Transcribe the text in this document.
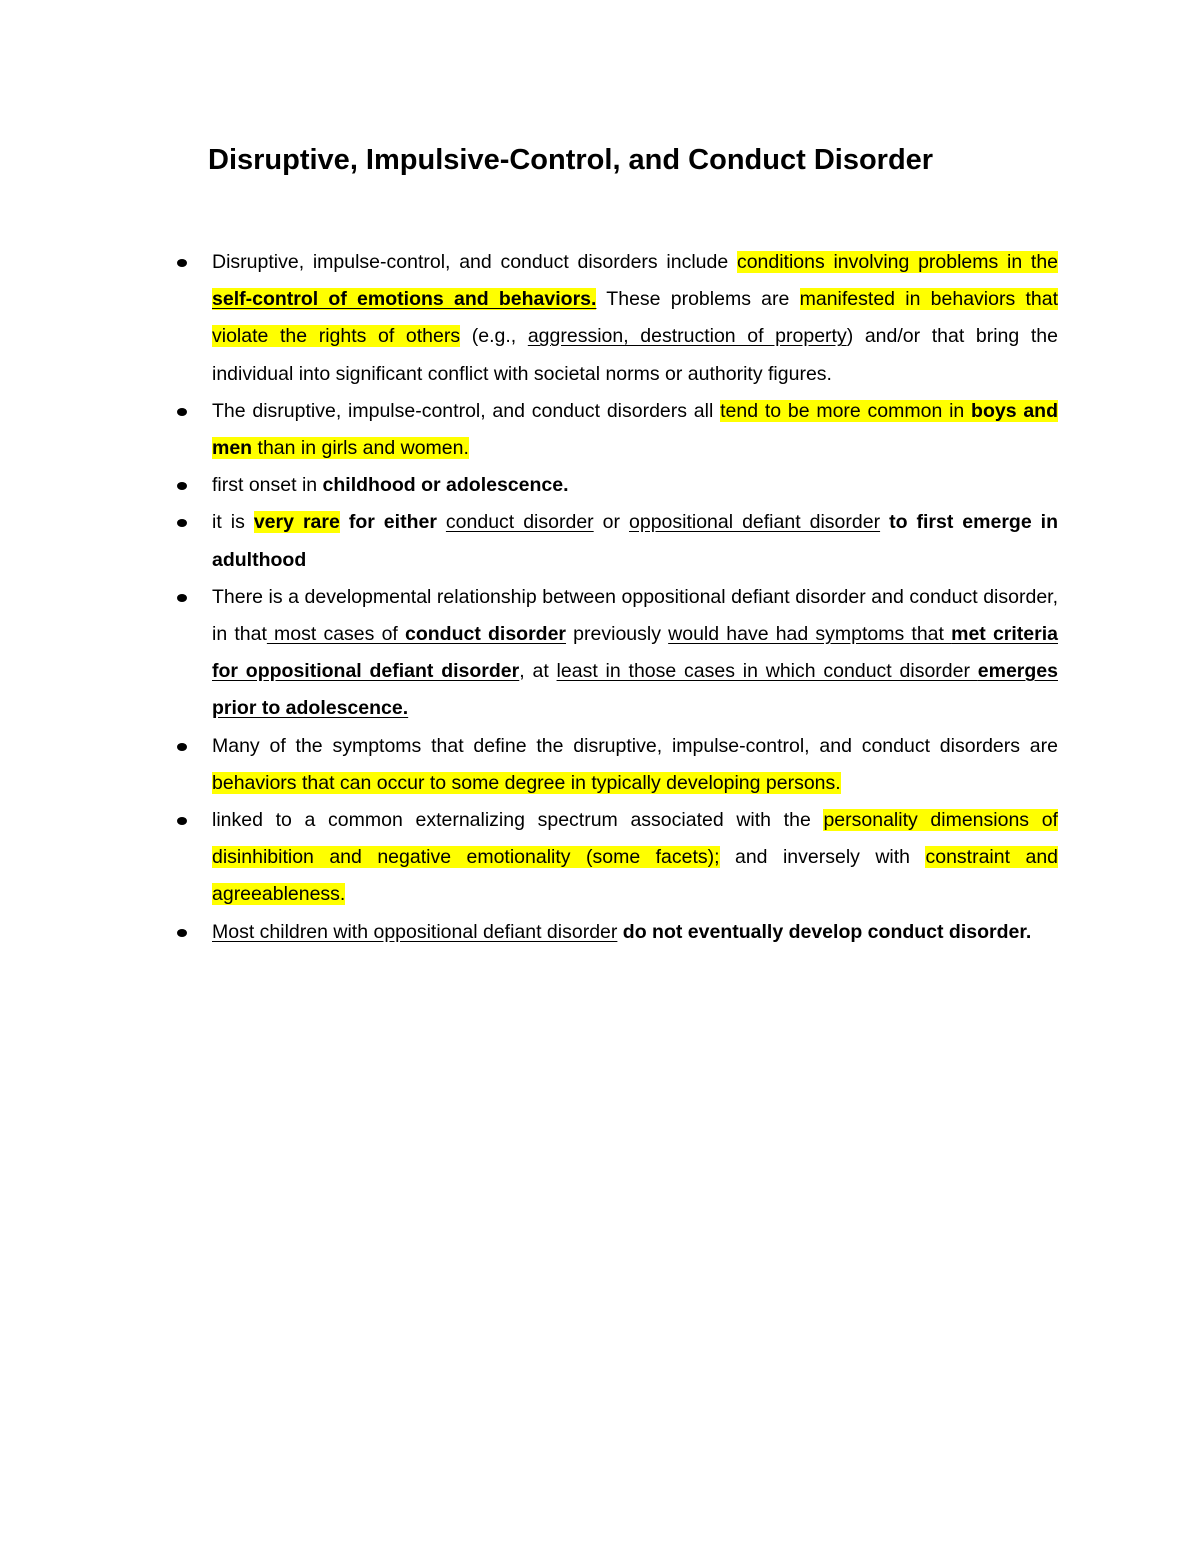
Disruptive, Impulsive-Control, and Conduct Disorder
Disruptive, impulse-control, and conduct disorders include conditions involving problems in the self-control of emotions and behaviors. These problems are manifested in behaviors that violate the rights of others (e.g., aggression, destruction of property) and/or that bring the individual into significant conflict with societal norms or authority figures.
The disruptive, impulse-control, and conduct disorders all tend to be more common in boys and men than in girls and women.
first onset in childhood or adolescence.
it is very rare for either conduct disorder or oppositional defiant disorder to first emerge in adulthood
There is a developmental relationship between oppositional defiant disorder and conduct disorder, in that most cases of conduct disorder previously would have had symptoms that met criteria for oppositional defiant disorder, at least in those cases in which conduct disorder emerges prior to adolescence.
Many of the symptoms that define the disruptive, impulse-control, and conduct disorders are behaviors that can occur to some degree in typically developing persons.
linked to a common externalizing spectrum associated with the personality dimensions of disinhibition and negative emotionality (some facets); and inversely with constraint and agreeableness.
Most children with oppositional defiant disorder do not eventually develop conduct disorder.
